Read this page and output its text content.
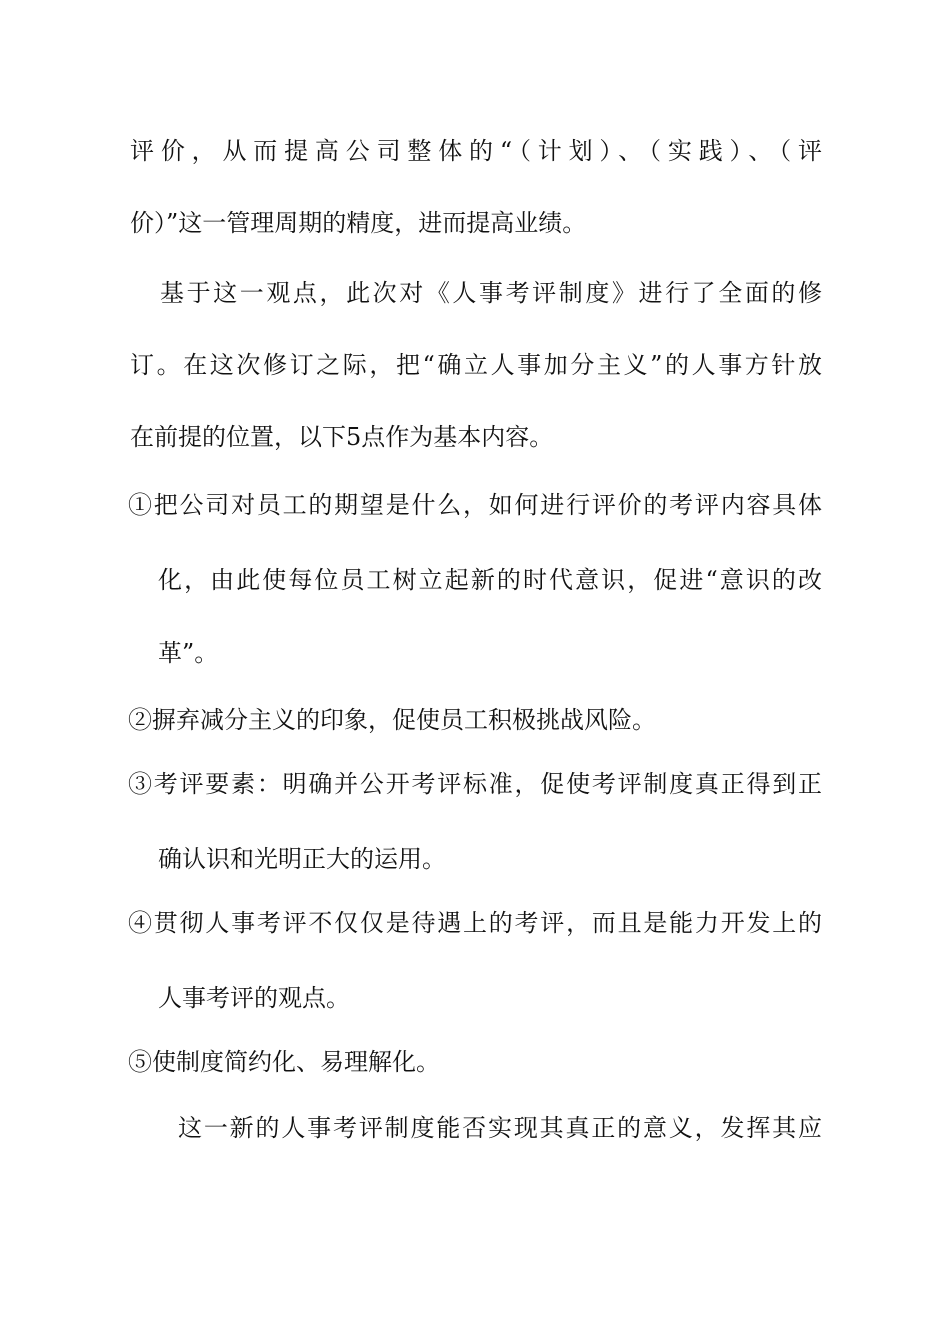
评价，从而提高公司整体的“（计划）、（实践）、（评
价）”这一管理周期的精度，进而提高业绩。
基于这一观点，此次对《人事考评制度》进行了全面的修
订。在这次修订之际，把“确立人事加分主义”的人事方针放
在前提的位置，以下5点作为基本内容。
①把公司对员工的期望是什么，如何进行评价的考评内容具体
化，由此使每位员工树立起新的时代意识，促进“意识的改
革”。
②摒弃减分主义的印象，促使员工积极挑战风险。
③考评要素：明确并公开考评标准，促使考评制度真正得到正
确认识和光明正大的运用。
④贯彻人事考评不仅仅是待遇上的考评，而且是能力开发上的
人事考评的观点。
⑤使制度简约化、易理解化。
这一新的人事考评制度能否实现其真正的意义，发挥其应
